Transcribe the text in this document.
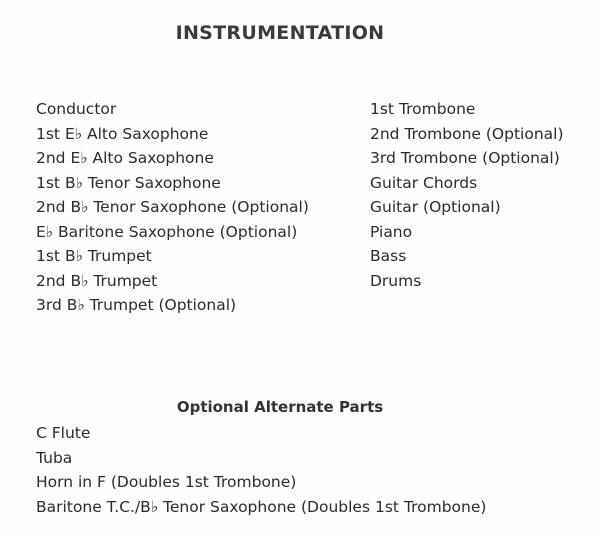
INSTRUMENTATION
Conductor
1st E♭ Alto Saxophone
2nd E♭ Alto Saxophone
1st B♭ Tenor Saxophone
2nd B♭ Tenor Saxophone (Optional)
E♭ Baritone Saxophone (Optional)
1st B♭ Trumpet
2nd B♭ Trumpet
3rd B♭ Trumpet (Optional)
1st Trombone
2nd Trombone (Optional)
3rd Trombone (Optional)
Guitar Chords
Guitar (Optional)
Piano
Bass
Drums
Optional Alternate Parts
C Flute
Tuba
Horn in F (Doubles 1st Trombone)
Baritone T.C./B♭ Tenor Saxophone (Doubles 1st Trombone)
